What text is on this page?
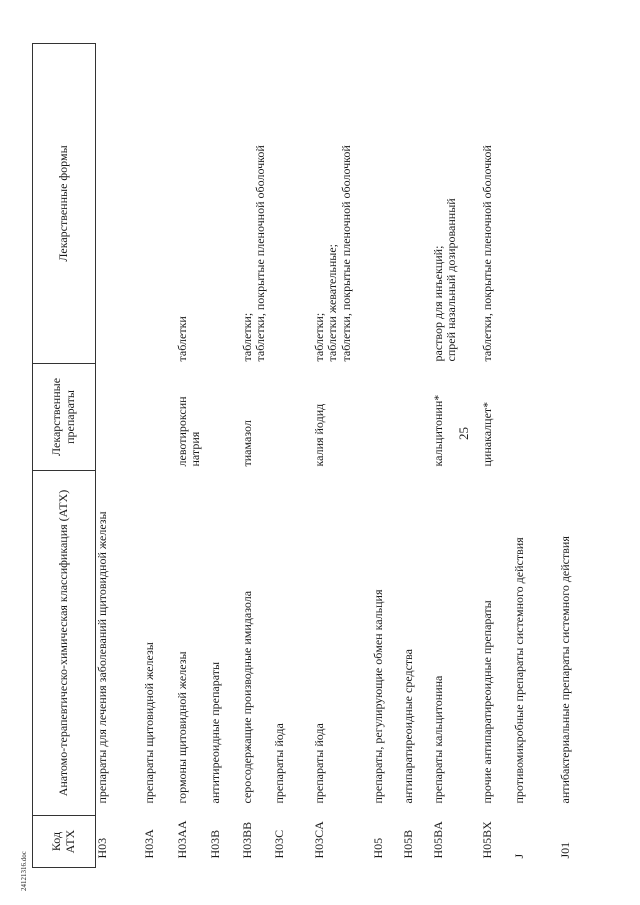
25
24121316.doc
Код АТХ	Анатомо-терапевтическо-химическая классификация (АТХ)	Лекарственные препараты	Лекарственные формы
H03	препараты для лечения заболеваний щитовидной железы		
H03A	препараты щитовидной железы		
H03AA	гормоны щитовидной железы	левотироксин натрия	таблетки
H03B	антитиреоидные препараты		
H03BB	серосодержащие производные имидазола	тиамазол	таблетки; таблетки, покрытые пленочной оболочкой

H03C	препараты йода		
H03CA	препараты йода	калия йодид	таблетки; таблетки жевательные; таблетки, покрытые пленочной оболочкой

H05	препараты, регулирующие обмен кальция		
H05B	антипаратиреоидные средства		
H05BA	препараты кальцитонина	кальцитонин*	раствор для инъекций; спрей назальный дозированный

H05BX	прочие антипаратиреоидные препараты	цинакалцет*	таблетки, покрытые пленочной оболочкой
J	противомикробные препараты системного действия		
J01	антибактериальные препараты системного действия		
